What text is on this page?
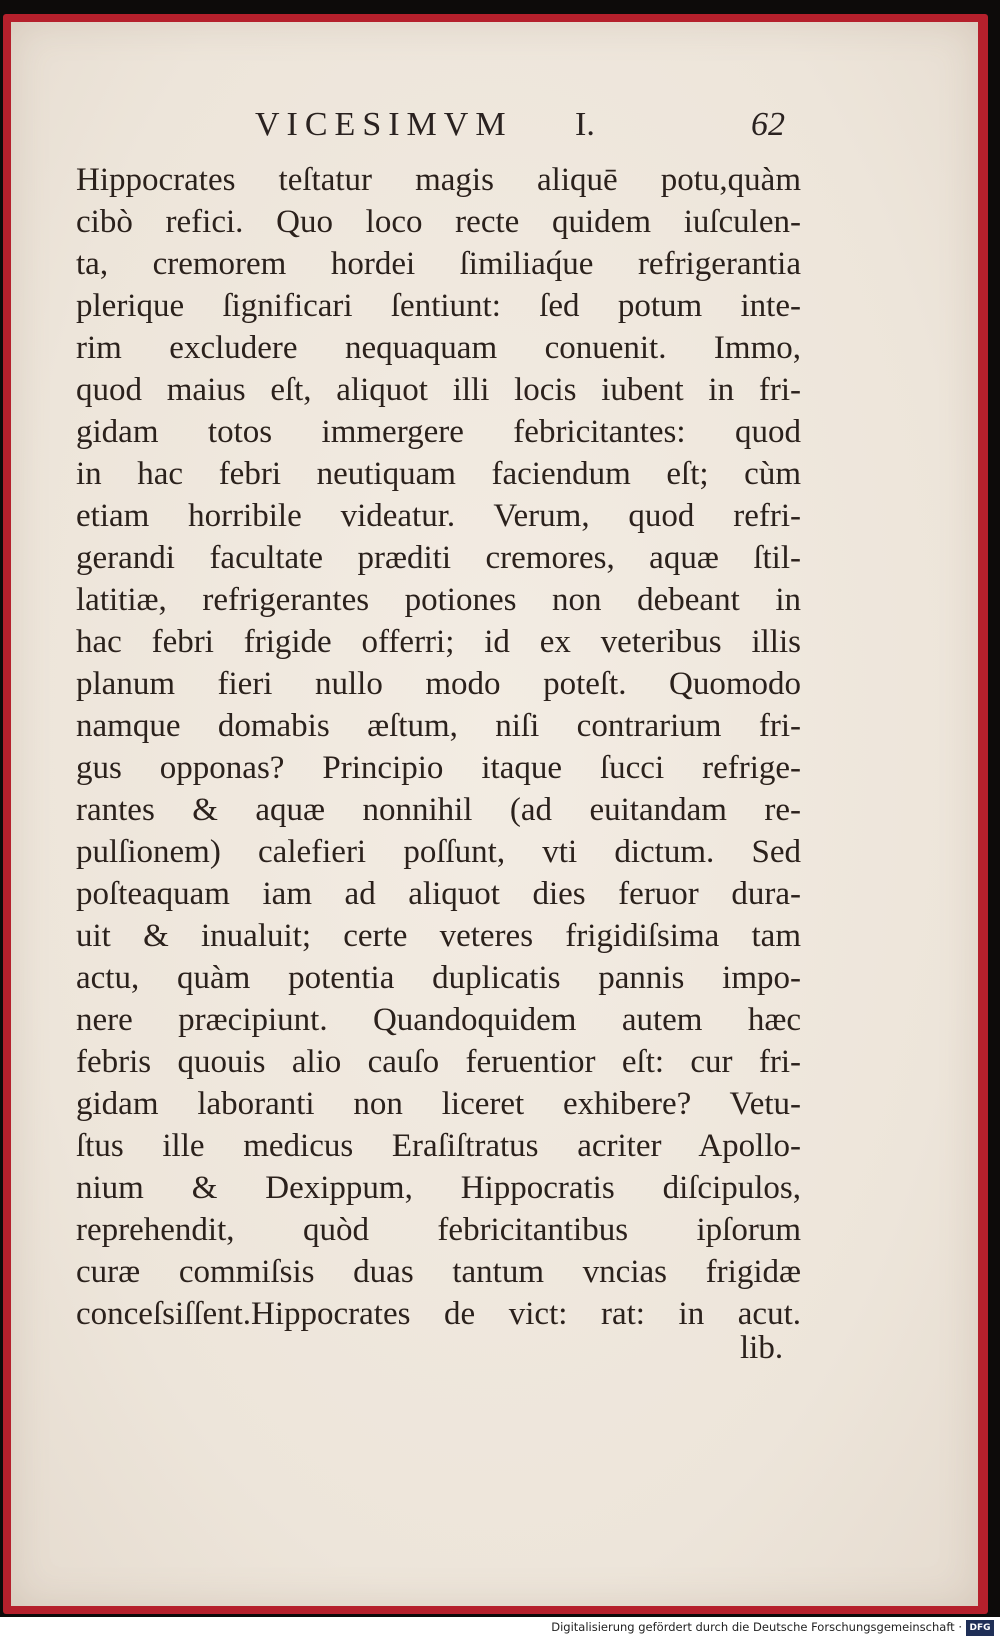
VICESIMVM I.	62
Hippocrates teſtatur magis aliquē potu,quàm
cibò refici. Quo loco recte quidem iuſculen-
ta, cremorem hordei ſimiliaq́ue refrigerantia
plerique ſignificari ſentiunt: ſed potum inte-
rim excludere nequaquam conuenit. Immo,
quod maius eſt, aliquot illi locis iubent in fri-
gidam totos immergere febricitantes: quod
in hac febri neutiquam faciendum eſt; cùm
etiam horribile videatur. Verum, quod refri-
gerandi facultate præditi cremores, aquæ ſtil-
latitiæ, refrigerantes potiones non debeant in
hac febri frigide offerri; id ex veteribus illis
planum fieri nullo modo poteſt. Quomodo
namque domabis æſtum, niſi contrarium fri-
gus opponas? Principio itaque ſucci refrige-
rantes & aquæ nonnihil (ad euitandam re-
pulſionem) calefieri poſſunt, vti dictum. Sed
poſteaquam iam ad aliquot dies feruor dura-
uit & inualuit; certe veteres frigidiſsima tam
actu, quàm potentia duplicatis pannis impo-
nere præcipiunt. Quandoquidem autem hæc
febris quouis alio cauſo feruentior eſt: cur fri-
gidam laboranti non liceret exhibere? Vetu-
ſtus ille medicus Eraſiſtratus acriter Apollo-
nium & Dexippum, Hippocratis diſcipulos,
reprehendit, quòd febricitantibus ipſorum
curæ commiſsis duas tantum vncias frigidæ
conceſsiſſent.Hippocrates de vict: rat: in acut.
lib.
Digitalisierung gefördert durch die Deutsche Forschungsgemeinschaft · DFG
